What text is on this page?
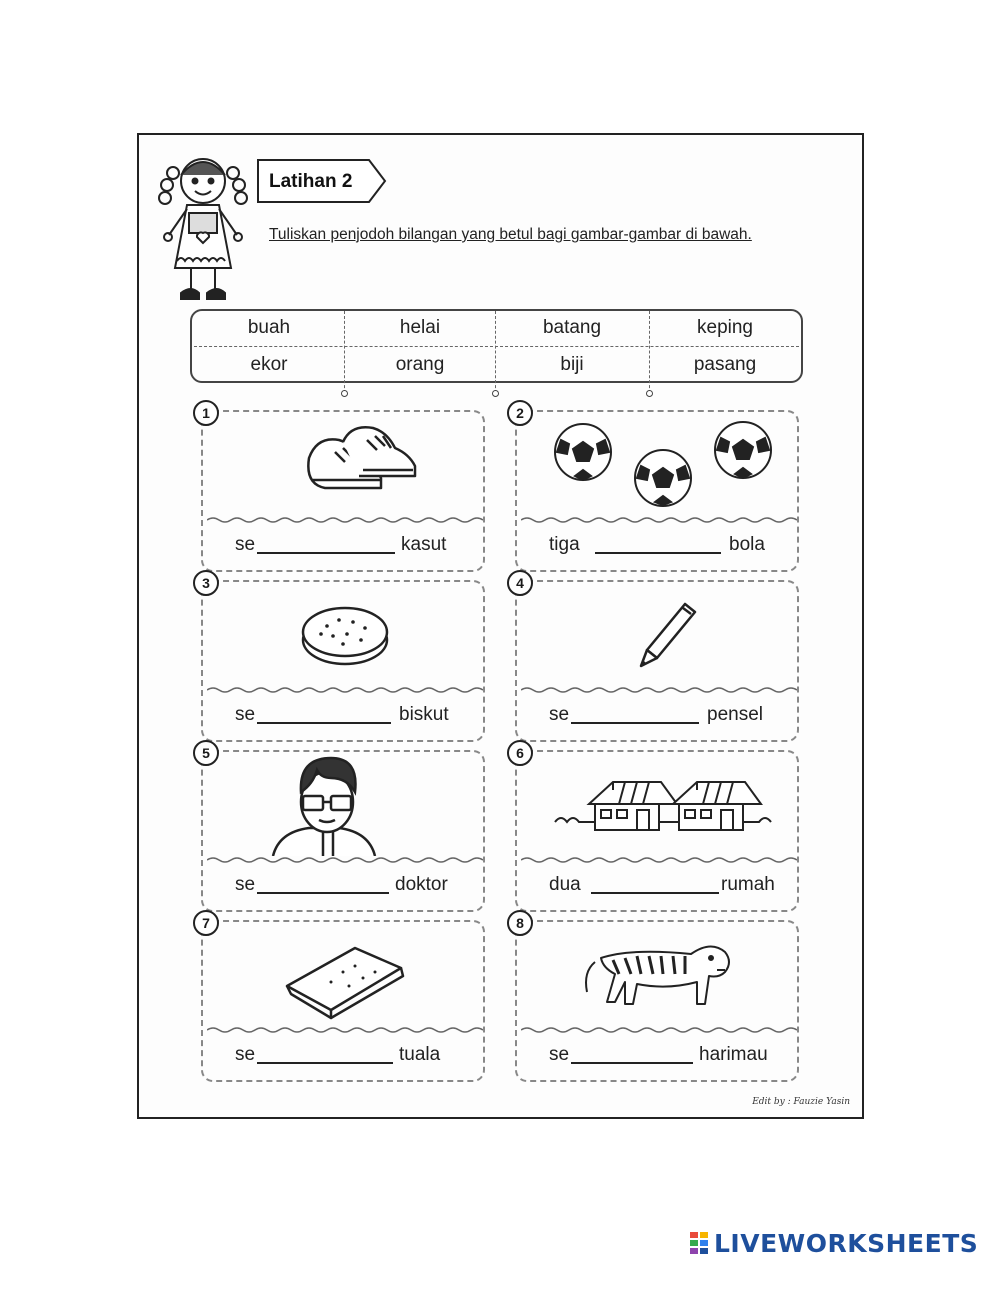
Latihan 2
Tuliskan penjodoh bilangan yang betul bagi gambar-gambar di bawah.
buah	helai	batang	keping
ekor	orang	biji	pasang
1
se	kasut
2
tiga	bola
3
se	biskut
4
se	pensel
5
se	doktor
6
dua	rumah
7
se	tuala
8
se	harimau
Edit by : Fauzie Yasin
LIVEWORKSHEETS
